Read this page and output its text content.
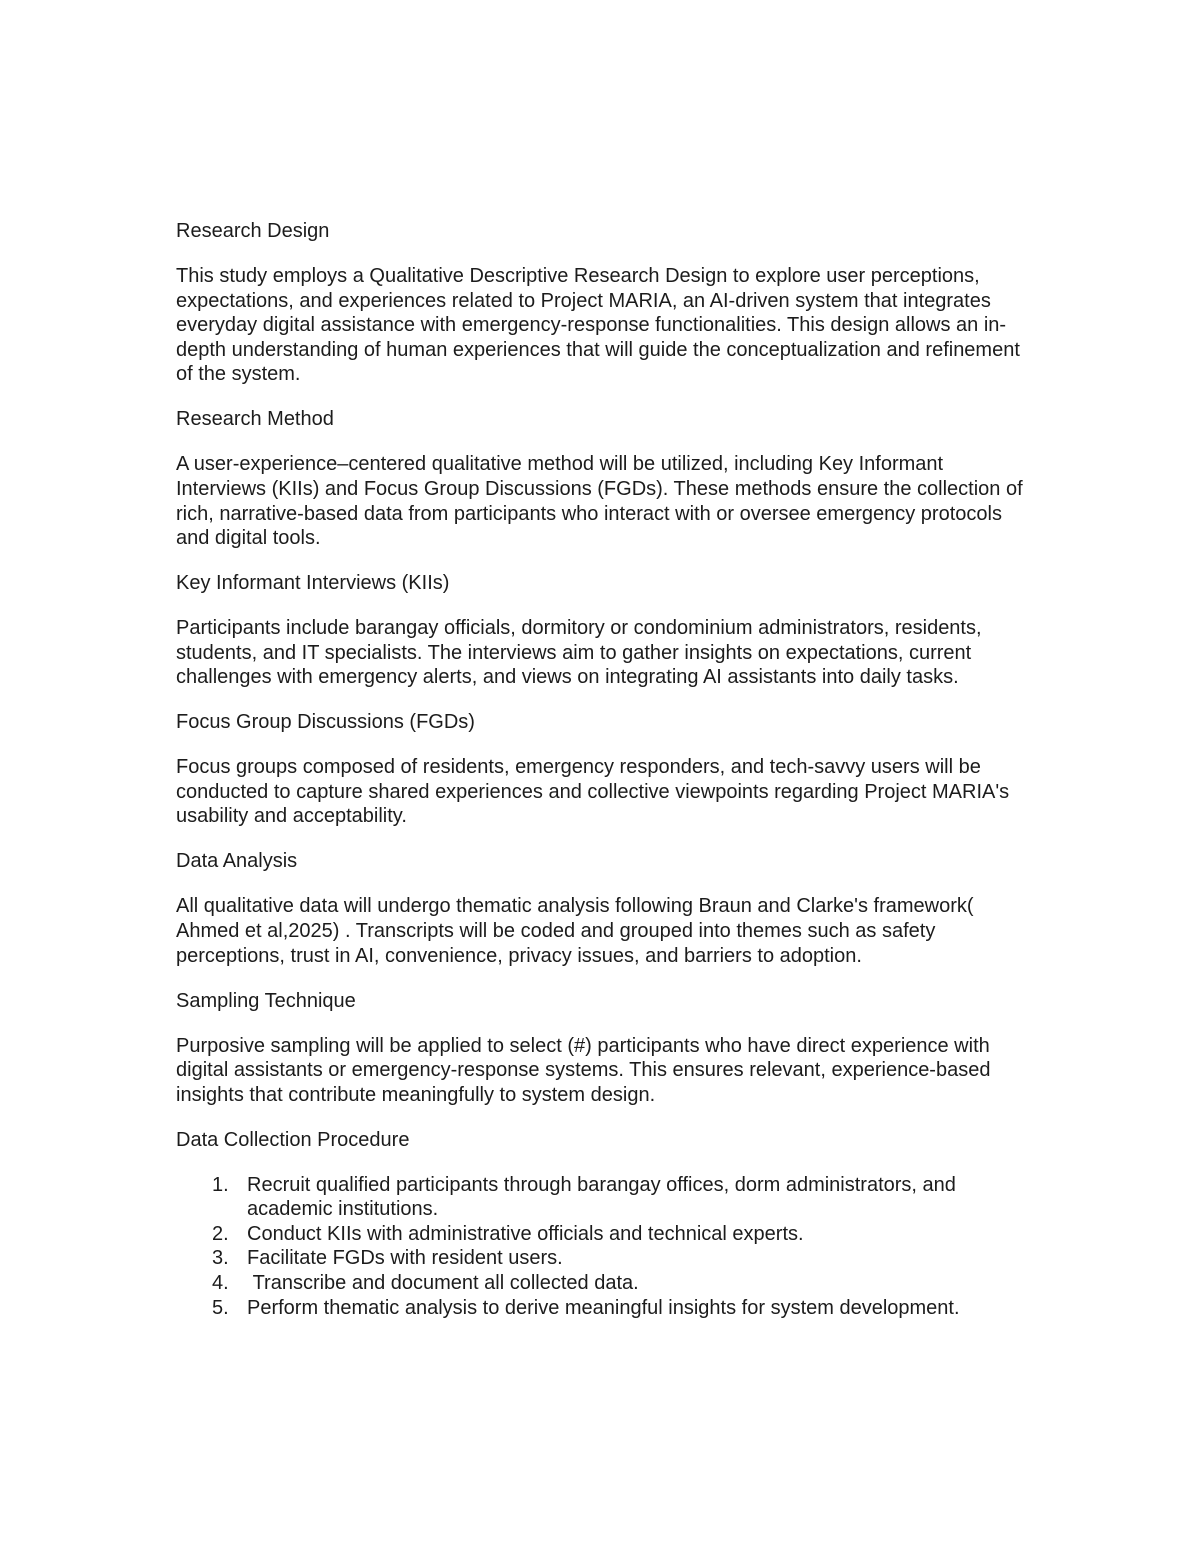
Research Design

This study employs a Qualitative Descriptive Research Design to explore user perceptions, expectations, and experiences related to Project MARIA, an AI-driven system that integrates everyday digital assistance with emergency-response functionalities. This design allows an in-depth understanding of human experiences that will guide the conceptualization and refinement of the system.

Research Method

A user-experience–centered qualitative method will be utilized, including Key Informant Interviews (KIIs) and Focus Group Discussions (FGDs). These methods ensure the collection of rich, narrative-based data from participants who interact with or oversee emergency protocols and digital tools.

Key Informant Interviews (KIIs)

Participants include barangay officials, dormitory or condominium administrators, residents, students, and IT specialists. The interviews aim to gather insights on expectations, current challenges with emergency alerts, and views on integrating AI assistants into daily tasks.

Focus Group Discussions (FGDs)

Focus groups composed of residents, emergency responders, and tech-savvy users will be conducted to capture shared experiences and collective viewpoints regarding Project MARIA's usability and acceptability.

Data Analysis

All qualitative data will undergo thematic analysis following Braun and Clarke's framework( Ahmed et al,2025) . Transcripts will be coded and grouped into themes such as safety perceptions, trust in AI, convenience, privacy issues, and barriers to adoption.

Sampling Technique

Purposive sampling will be applied to select (#) participants who have direct experience with digital assistants or emergency-response systems. This ensures relevant, experience-based insights that contribute meaningfully to system design.

Data Collection Procedure
1. Recruit qualified participants through barangay offices, dorm administrators, and academic institutions.
2. Conduct KIIs with administrative officials and technical experts.
3. Facilitate FGDs with resident users.
4. Transcribe and document all collected data.
5. Perform thematic analysis to derive meaningful insights for system development.
